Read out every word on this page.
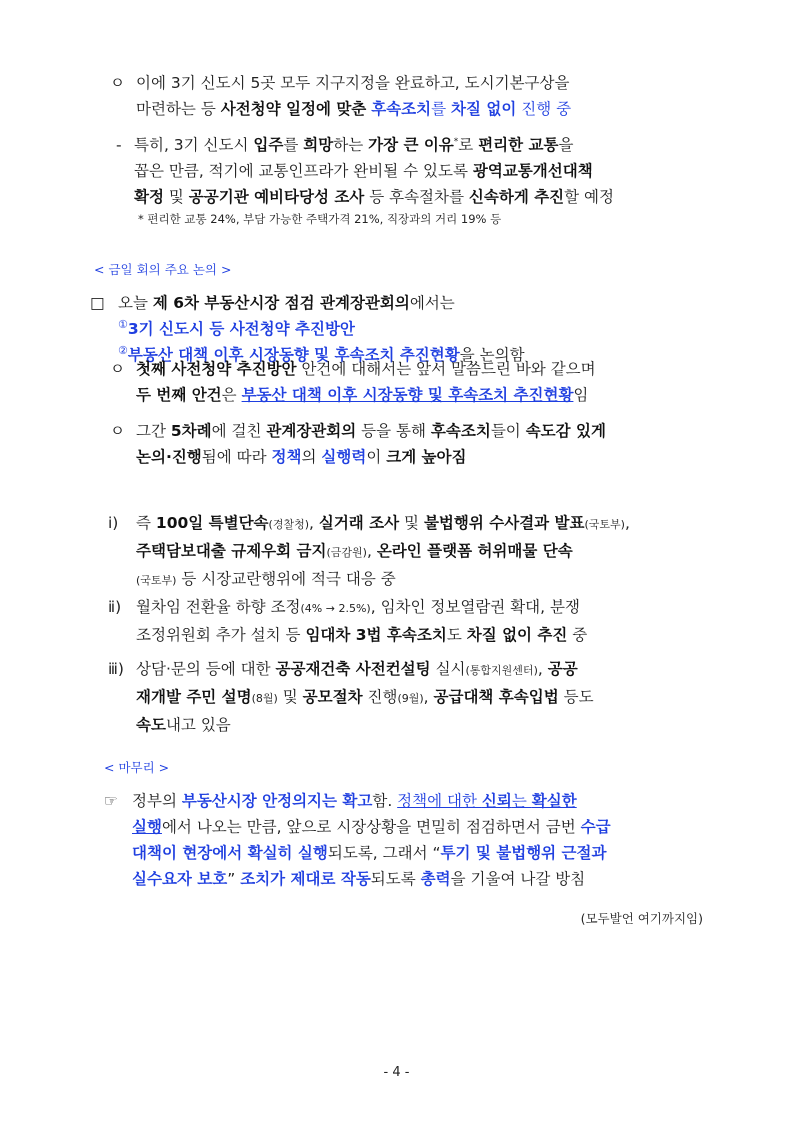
ㅇ 이에 3기 신도시 5곳 모두 지구지정을 완료하고, 도시기본구상을
마련하는 등 사전청약 일정에 맞춘 후속조치를 차질 없이 진행 중
- 특히, 3기 신도시 입주를 희망하는 가장 큰 이유*로 편리한 교통을
꼽은 만큼, 적기에 교통인프라가 완비될 수 있도록 광역교통개선대책
확정 및 공공기관 예비타당성 조사 등 후속절차를 신속하게 추진할 예정
* 편리한 교통 24%, 부담 가능한 주택가격 21%, 직장과의 거리 19% 등
< 금일 회의 주요 논의 >
□ 오늘 제 6차 부동산시장 점검 관계장관회의에서는
①3기 신도시 등 사전청약 추진방안
②부동산 대책 이후 시장동향 및 후속조치 추진현황을 논의함
ㅇ 첫째 사전청약 추진방안 안건에 대해서는 앞서 말씀드린 바와 같으며
두 번째 안건은 부동산 대책 이후 시장동향 및 후속조치 추진현황임
ㅇ 그간 5차례에 걸친 관계장관회의 등을 통해 후속조치들이 속도감 있게
논의·진행됨에 따라 정책의 실행력이 크게 높아짐
ⅰ) 즉 100일 특별단속(경찰청), 실거래 조사 및 불법행위 수사결과 발표(국토부),
주택담보대출 규제우회 금지(금감원), 온라인 플랫폼 허위매물 단속
(국토부) 등 시장교란행위에 적극 대응 중
ⅱ) 월차임 전환율 하향 조정(4% → 2.5%), 임차인 정보열람권 확대, 분쟁
조정위원회 추가 설치 등 임대차 3법 후속조치도 차질 없이 추진 중
ⅲ) 상담·문의 등에 대한 공공재건축 사전컨설팅 실시(통합지원센터), 공공
재개발 주민 설명(8월) 및 공모절차 진행(9월), 공급대책 후속입법 등도
속도내고 있음
< 마무리 >
☞ 정부의 부동산시장 안정의지는 확고함. 정책에 대한 신뢰는 확실한
실행에서 나오는 만큼, 앞으로 시장상황을 면밀히 점검하면서 금번 수급
대책이 현장에서 확실히 실행되도록, 그래서 “투기 및 불법행위 근절과
실수요자 보호” 조치가 제대로 작동되도록 총력을 기울여 나갈 방침
(모두발언 여기까지임)
- 4 -
